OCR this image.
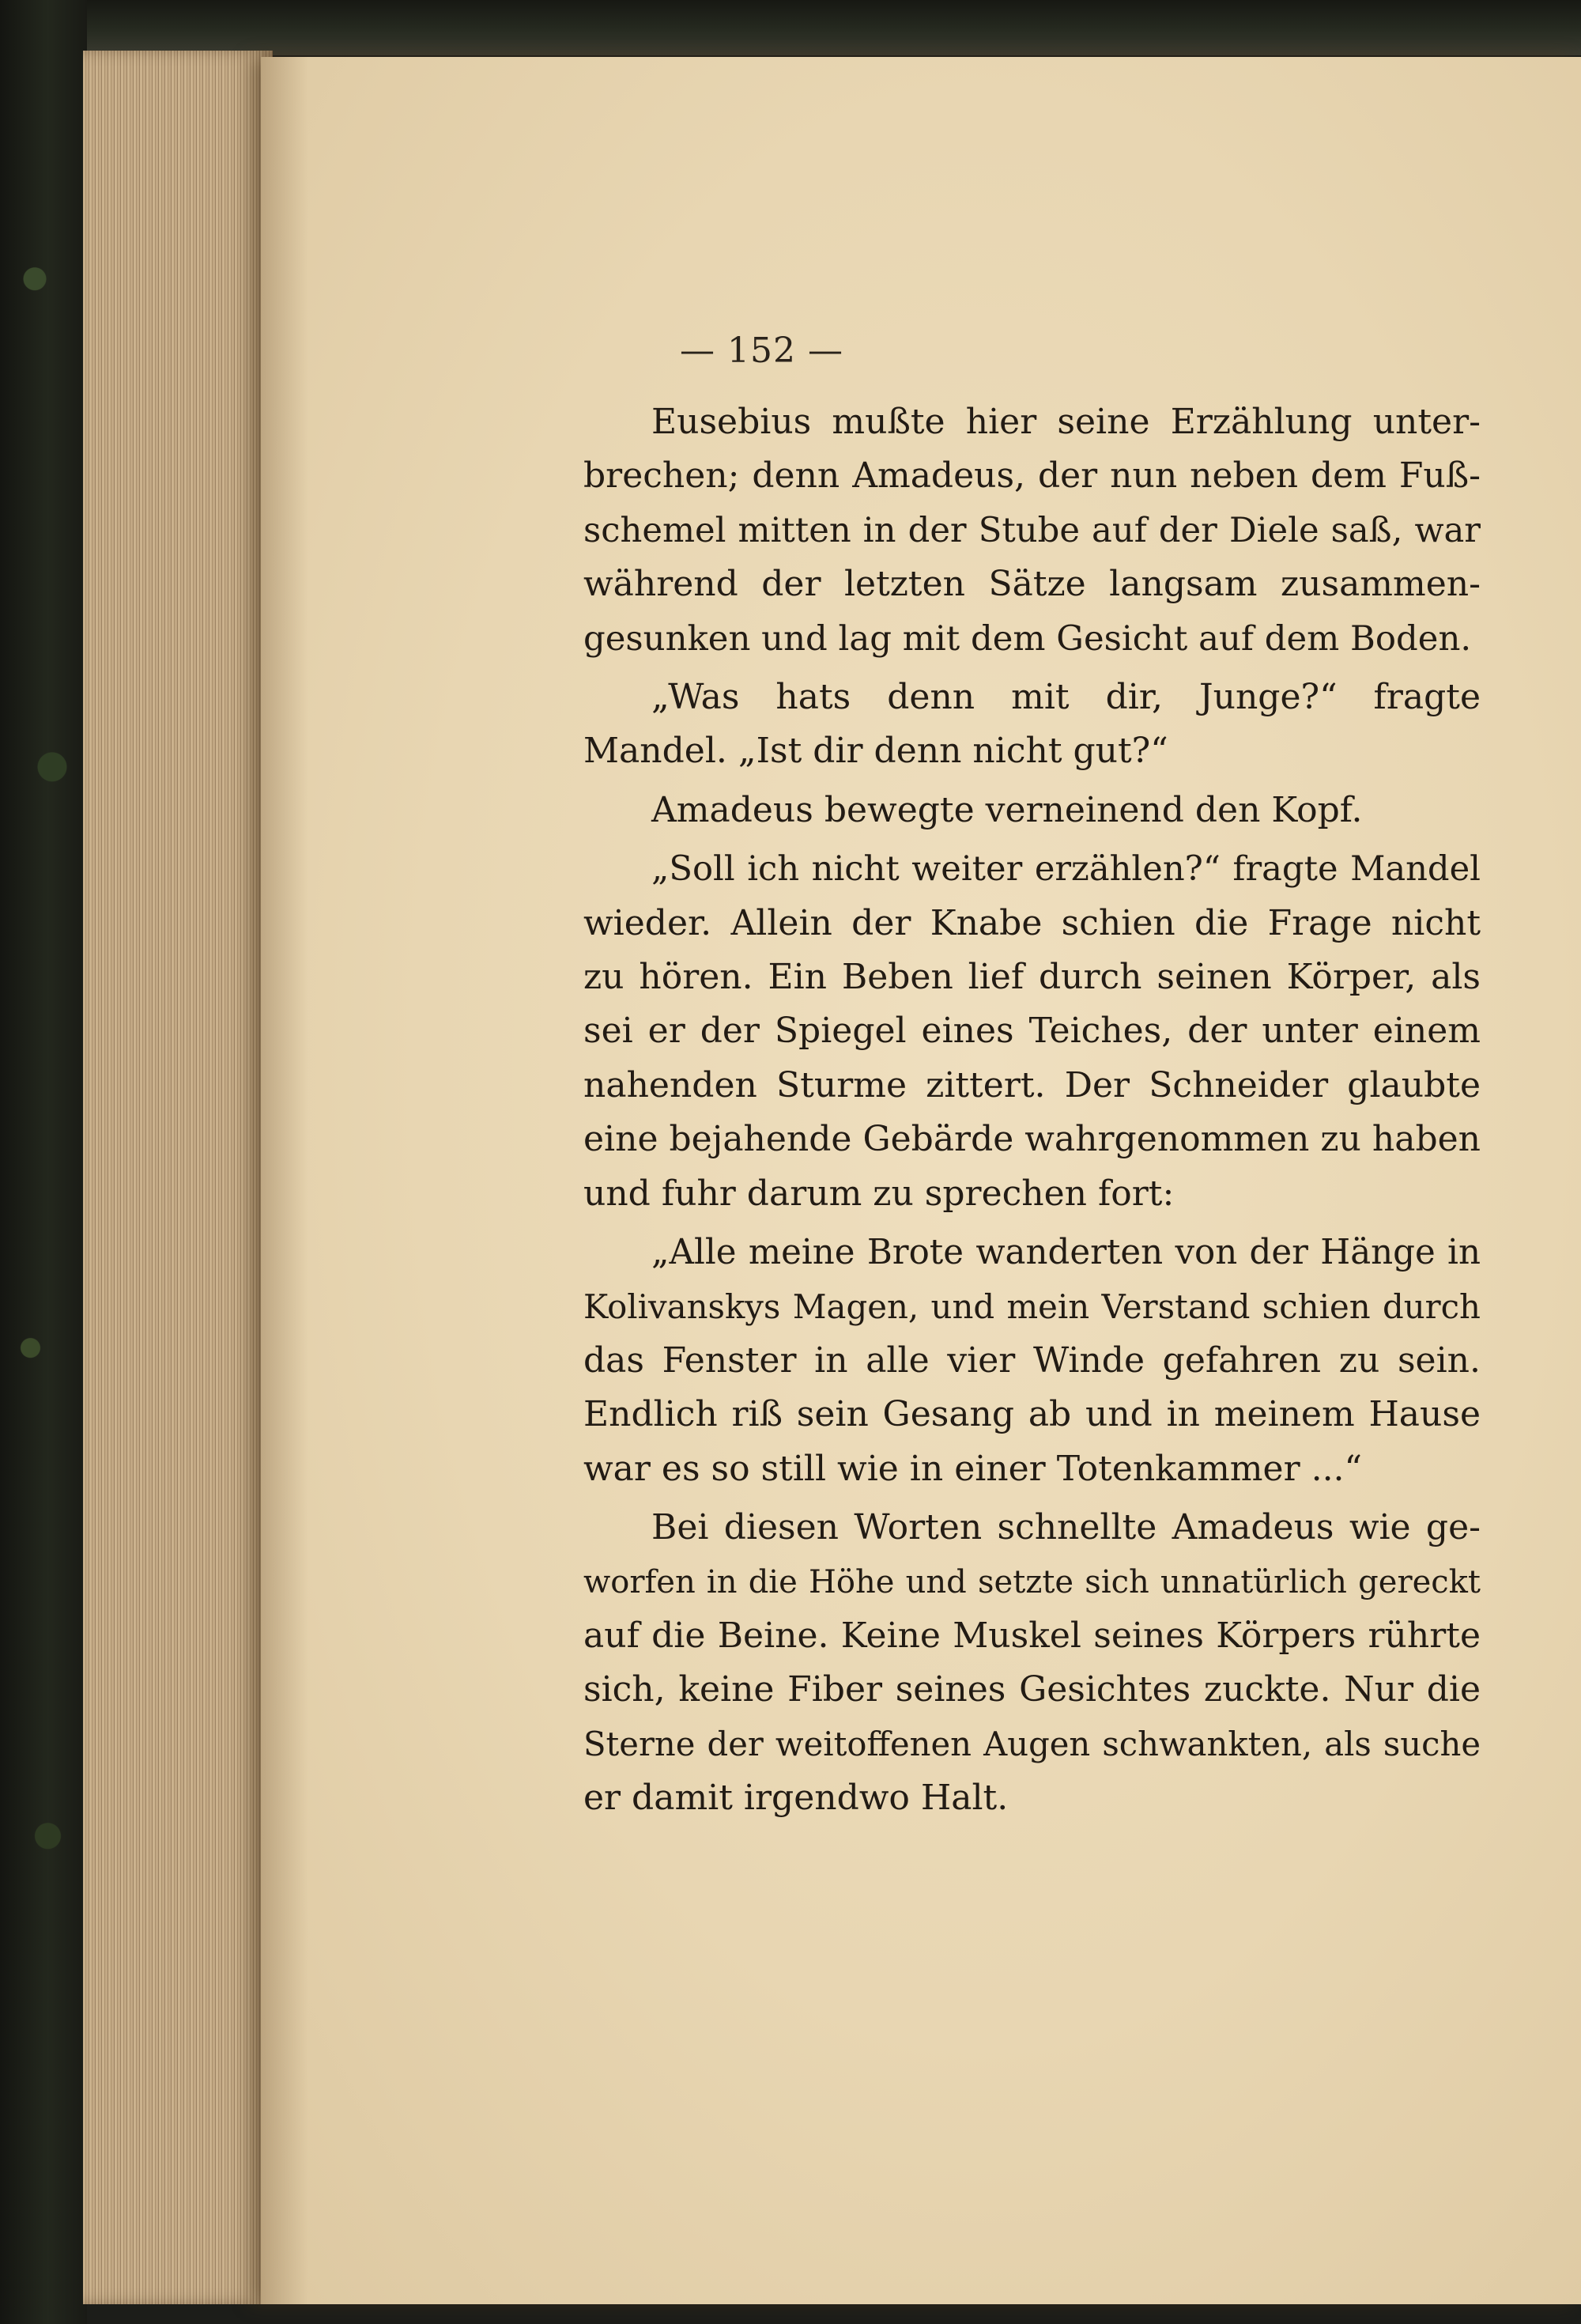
— 152 —
Eusebius mußte hier seine Erzählung unter-
brechen; denn Amadeus, der nun neben dem Fuß-
schemel mitten in der Stube auf der Diele saß, war
während der letzten Sätze langsam zusammen-
gesunken und lag mit dem Gesicht auf dem Boden.
„Was hats denn mit dir, Junge?“ fragte
Mandel. „Ist dir denn nicht gut?“
Amadeus bewegte verneinend den Kopf.
„Soll ich nicht weiter erzählen?“ fragte Mandel
wieder. Allein der Knabe schien die Frage nicht
zu hören. Ein Beben lief durch seinen Körper, als
sei er der Spiegel eines Teiches, der unter einem
nahenden Sturme zittert. Der Schneider glaubte
eine bejahende Gebärde wahrgenommen zu haben
und fuhr darum zu sprechen fort:
„Alle meine Brote wanderten von der Hänge in
Kolivanskys Magen, und mein Verstand schien durch
das Fenster in alle vier Winde gefahren zu sein.
Endlich riß sein Gesang ab und in meinem Hause
war es so still wie in einer Totenkammer ...“
Bei diesen Worten schnellte Amadeus wie ge-
worfen in die Höhe und setzte sich unnatürlich gereckt
auf die Beine. Keine Muskel seines Körpers rührte
sich, keine Fiber seines Gesichtes zuckte. Nur die
Sterne der weitoffenen Augen schwankten, als suche
er damit irgendwo Halt.
